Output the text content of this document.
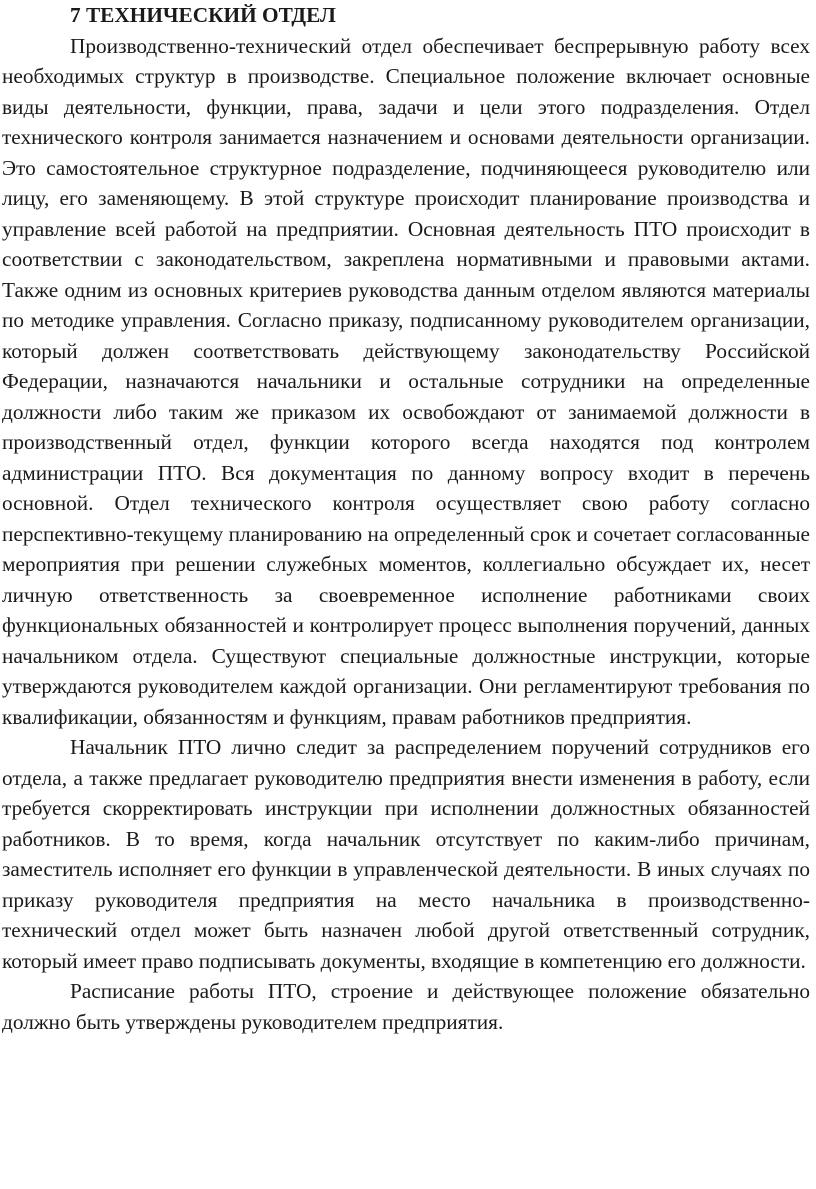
7 ТЕХНИЧЕСКИЙ ОТДЕЛ

Производственно-технический отдел обеспечивает беспрерывную работу всех необходимых структур в производстве. Специальное положение включает основные виды деятельности, функции, права, задачи и цели этого подразделения. Отдел технического контроля занимается назначением и основами деятельности организации. Это самостоятельное структурное подразделение, подчиняющееся руководителю или лицу, его заменяющему. В этой структуре происходит планирование производства и управление всей работой на предприятии. Основная деятельность ПТО происходит в соответствии с законодательством, закреплена нормативными и правовыми актами. Также одним из основных критериев руководства данным отделом являются материалы по методике управления. Согласно приказу, подписанному руководителем организации, который должен соответствовать действующему законодательству Российской Федерации, назначаются начальники и остальные сотрудники на определенные должности либо таким же приказом их освобождают от занимаемой должности в производственный отдел, функции которого всегда находятся под контролем администрации ПТО. Вся документация по данному вопросу входит в перечень основной. Отдел технического контроля осуществляет свою работу согласно перспективно-текущему планированию на определенный срок и сочетает согласованные мероприятия при решении служебных моментов, коллегиально обсуждает их, несет личную ответственность за своевременное исполнение работниками своих функциональных обязанностей и контролирует процесс выполнения поручений, данных начальником отдела. Существуют специальные должностные инструкции, которые утверждаются руководителем каждой организации. Они регламентируют требования по квалификации, обязанностям и функциям, правам работников предприятия.

Начальник ПТО лично следит за распределением поручений сотрудников его отдела, а также предлагает руководителю предприятия внести изменения в работу, если требуется скорректировать инструкции при исполнении должностных обязанностей работников. В то время, когда начальник отсутствует по каким-либо причинам, заместитель исполняет его функции в управленческой деятельности. В иных случаях по приказу руководителя предприятия на место начальника в производственно-технический отдел может быть назначен любой другой ответственный сотрудник, который имеет право подписывать документы, входящие в компетенцию его должности.

Расписание работы ПТО, строение и действующее положение обязательно должно быть утверждены руководителем предприятия.
